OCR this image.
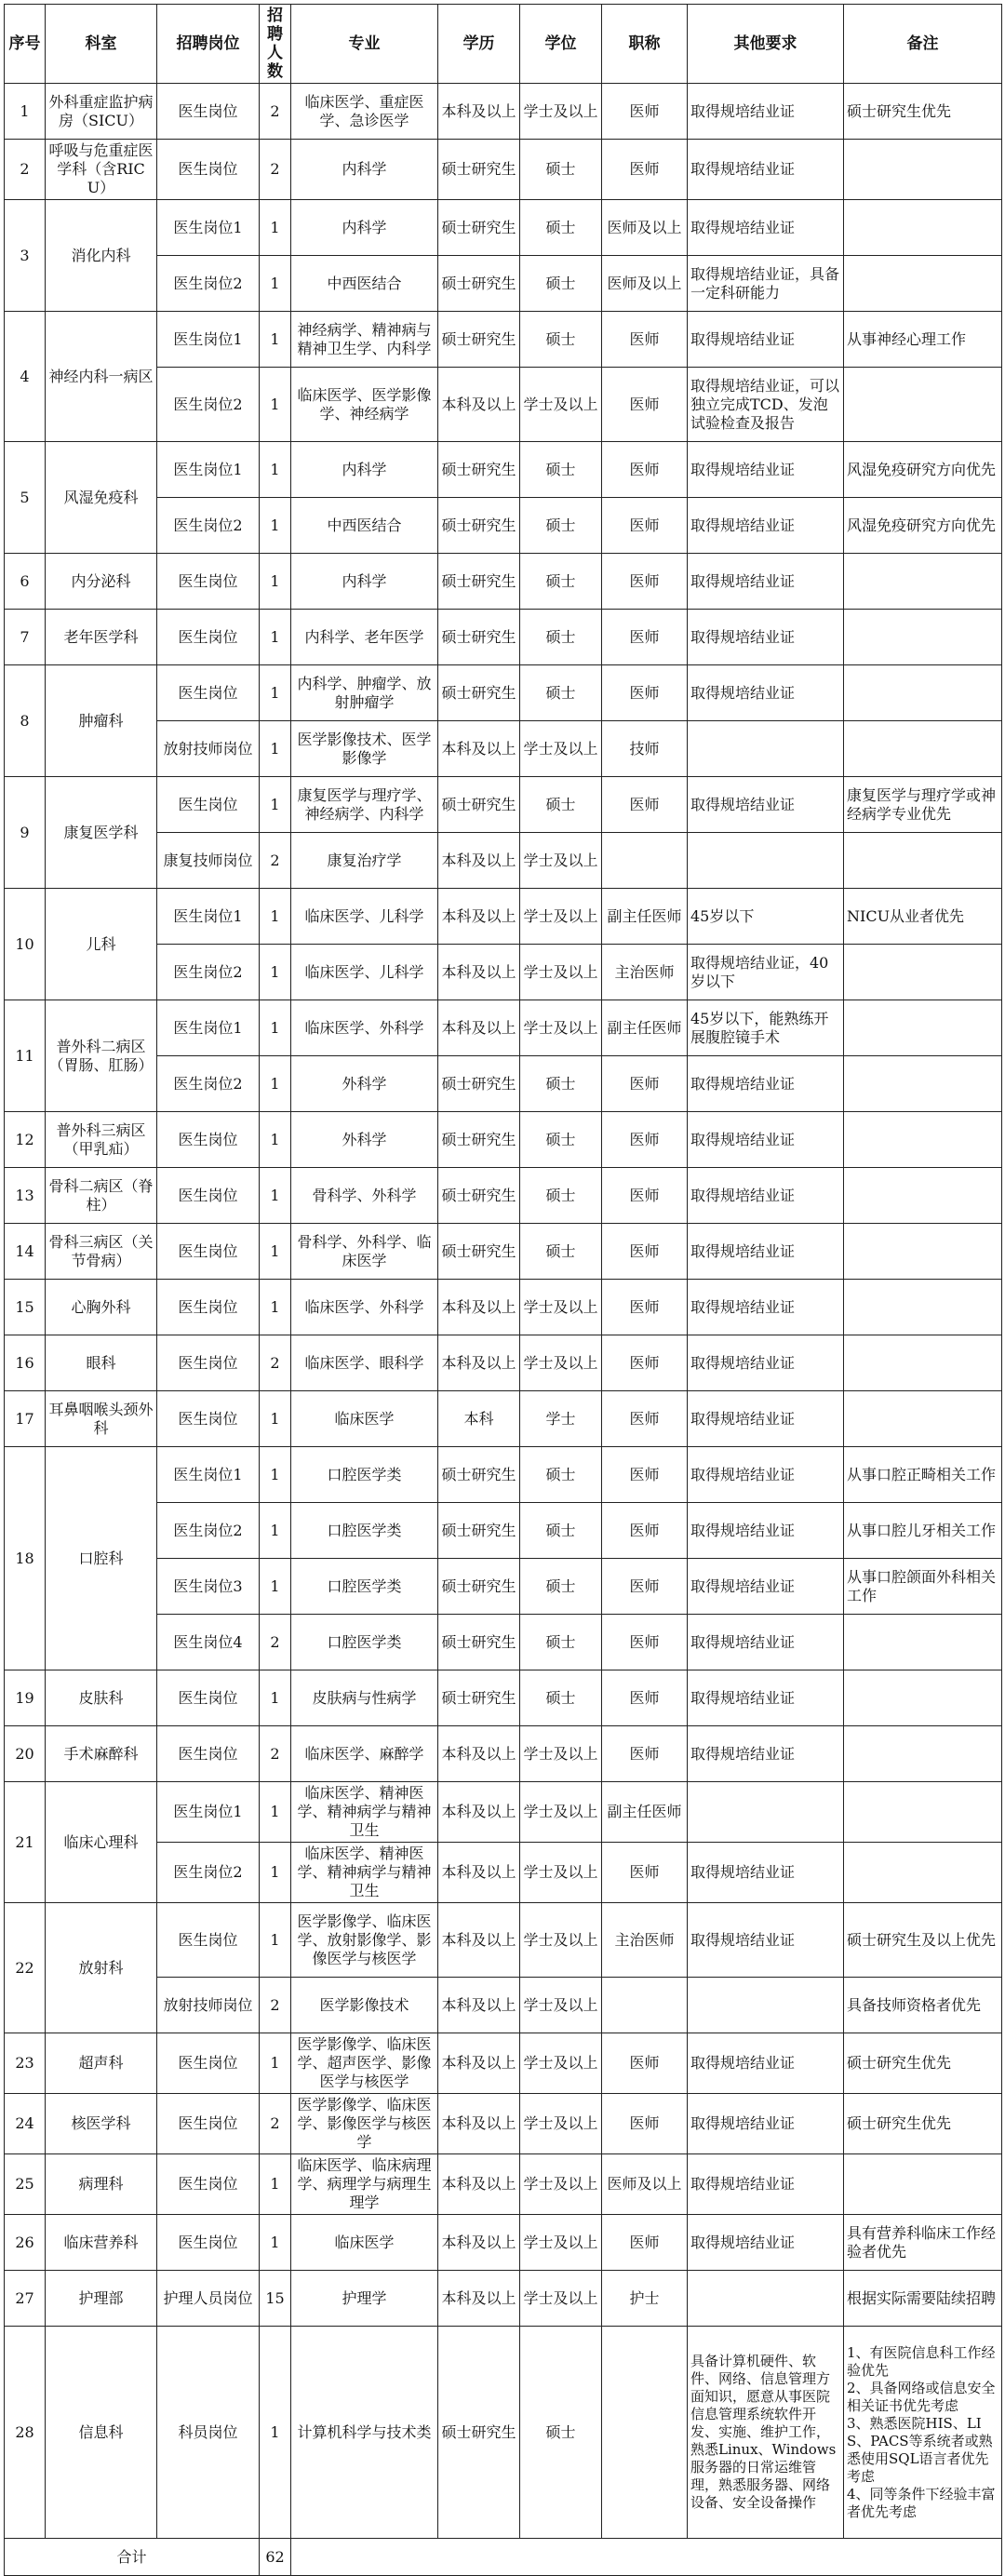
序号	科室	招聘岗位	招聘人数	专业	学历	学位	职称	其他要求	备注
1	外科重症监护病房（SICU）	医生岗位	2	临床医学、重症医学、急诊医学	本科及以上	学士及以上	医师	取得规培结业证	硕士研究生优先
2	呼吸与危重症医学科（含RICU）	医生岗位	2	内科学	硕士研究生	硕士	医师	取得规培结业证	
3	消化内科	医生岗位1	1	内科学	硕士研究生	硕士	医师及以上	取得规培结业证	
		医生岗位2	1	中西医结合	硕士研究生	硕士	医师及以上	取得规培结业证，具备一定科研能力	
4	神经内科一病区	医生岗位1	1	神经病学、精神病与精神卫生学、内科学	硕士研究生	硕士	医师	取得规培结业证	从事神经心理工作
		医生岗位2	1	临床医学、医学影像学、神经病学	本科及以上	学士及以上	医师	取得规培结业证，可以独立完成TCD、发泡试验检查及报告	
5	风湿免疫科	医生岗位1	1	内科学	硕士研究生	硕士	医师	取得规培结业证	风湿免疫研究方向优先
		医生岗位2	1	中西医结合	硕士研究生	硕士	医师	取得规培结业证	风湿免疫研究方向优先
6	内分泌科	医生岗位	1	内科学	硕士研究生	硕士	医师	取得规培结业证	
7	老年医学科	医生岗位	1	内科学、老年医学	硕士研究生	硕士	医师	取得规培结业证	
8	肿瘤科	医生岗位	1	内科学、肿瘤学、放射肿瘤学	硕士研究生	硕士	医师	取得规培结业证	
		放射技师岗位	1	医学影像技术、医学影像学	本科及以上	学士及以上	技师		
9	康复医学科	医生岗位	1	康复医学与理疗学、神经病学、内科学	硕士研究生	硕士	医师	取得规培结业证	康复医学与理疗学或神经病学专业优先
		康复技师岗位	2	康复治疗学	本科及以上	学士及以上			
10	儿科	医生岗位1	1	临床医学、儿科学	本科及以上	学士及以上	副主任医师	45岁以下	NICU从业者优先
		医生岗位2	1	临床医学、儿科学	本科及以上	学士及以上	主治医师	取得规培结业证，40岁以下	
11	普外科二病区（胃肠、肛肠）	医生岗位1	1	临床医学、外科学	本科及以上	学士及以上	副主任医师	45岁以下，能熟练开展腹腔镜手术	
		医生岗位2	1	外科学	硕士研究生	硕士	医师	取得规培结业证	
12	普外科三病区（甲乳疝）	医生岗位	1	外科学	硕士研究生	硕士	医师	取得规培结业证	
13	骨科二病区（脊柱）	医生岗位	1	骨科学、外科学	硕士研究生	硕士	医师	取得规培结业证	
14	骨科三病区（关节骨病）	医生岗位	1	骨科学、外科学、临床医学	硕士研究生	硕士	医师	取得规培结业证	
15	心胸外科	医生岗位	1	临床医学、外科学	本科及以上	学士及以上	医师	取得规培结业证	
16	眼科	医生岗位	2	临床医学、眼科学	本科及以上	学士及以上	医师	取得规培结业证	
17	耳鼻咽喉头颈外科	医生岗位	1	临床医学	本科	学士	医师	取得规培结业证	
18	口腔科	医生岗位1	1	口腔医学类	硕士研究生	硕士	医师	取得规培结业证	从事口腔正畸相关工作
		医生岗位2	1	口腔医学类	硕士研究生	硕士	医师	取得规培结业证	从事口腔儿牙相关工作
		医生岗位3	1	口腔医学类	硕士研究生	硕士	医师	取得规培结业证	从事口腔颌面外科相关工作
		医生岗位4	2	口腔医学类	硕士研究生	硕士	医师	取得规培结业证	
19	皮肤科	医生岗位	1	皮肤病与性病学	硕士研究生	硕士	医师	取得规培结业证	
20	手术麻醉科	医生岗位	2	临床医学、麻醉学	本科及以上	学士及以上	医师	取得规培结业证	
21	临床心理科	医生岗位1	1	临床医学、精神医学、精神病学与精神卫生	本科及以上	学士及以上	副主任医师		
		医生岗位2	1	临床医学、精神医学、精神病学与精神卫生	本科及以上	学士及以上	医师	取得规培结业证	
22	放射科	医生岗位	1	医学影像学、临床医学、放射影像学、影像医学与核医学	本科及以上	学士及以上	主治医师	取得规培结业证	硕士研究生及以上优先
		放射技师岗位	2	医学影像技术	本科及以上	学士及以上			具备技师资格者优先
23	超声科	医生岗位	1	医学影像学、临床医学、超声医学、影像医学与核医学	本科及以上	学士及以上	医师	取得规培结业证	硕士研究生优先
24	核医学科	医生岗位	2	医学影像学、临床医学、影像医学与核医学	本科及以上	学士及以上	医师	取得规培结业证	硕士研究生优先
25	病理科	医生岗位	1	临床医学、临床病理学、病理学与病理生理学	本科及以上	学士及以上	医师及以上	取得规培结业证	
26	临床营养科	医生岗位	1	临床医学	本科及以上	学士及以上	医师	取得规培结业证	具有营养科临床工作经验者优先
27	护理部	护理人员岗位	15	护理学	本科及以上	学士及以上	护士		根据实际需要陆续招聘
28	信息科	科员岗位	1	计算机科学与技术类	硕士研究生	硕士		具备计算机硬件、软件、网络、信息管理方面知识，愿意从事医院信息管理系统软件开发、实施、维护工作，熟悉Linux、Windows服务器的日常运维管理，熟悉服务器、网络设备、安全设备操作	1、有医院信息科工作经验优先
2、具备网络或信息安全相关证书优先考虑
3、熟悉医院HIS、LIS、PACS等系统者或熟悉使用SQL语言者优先考虑
4、同等条件下经验丰富者优先考虑
合计			62						
